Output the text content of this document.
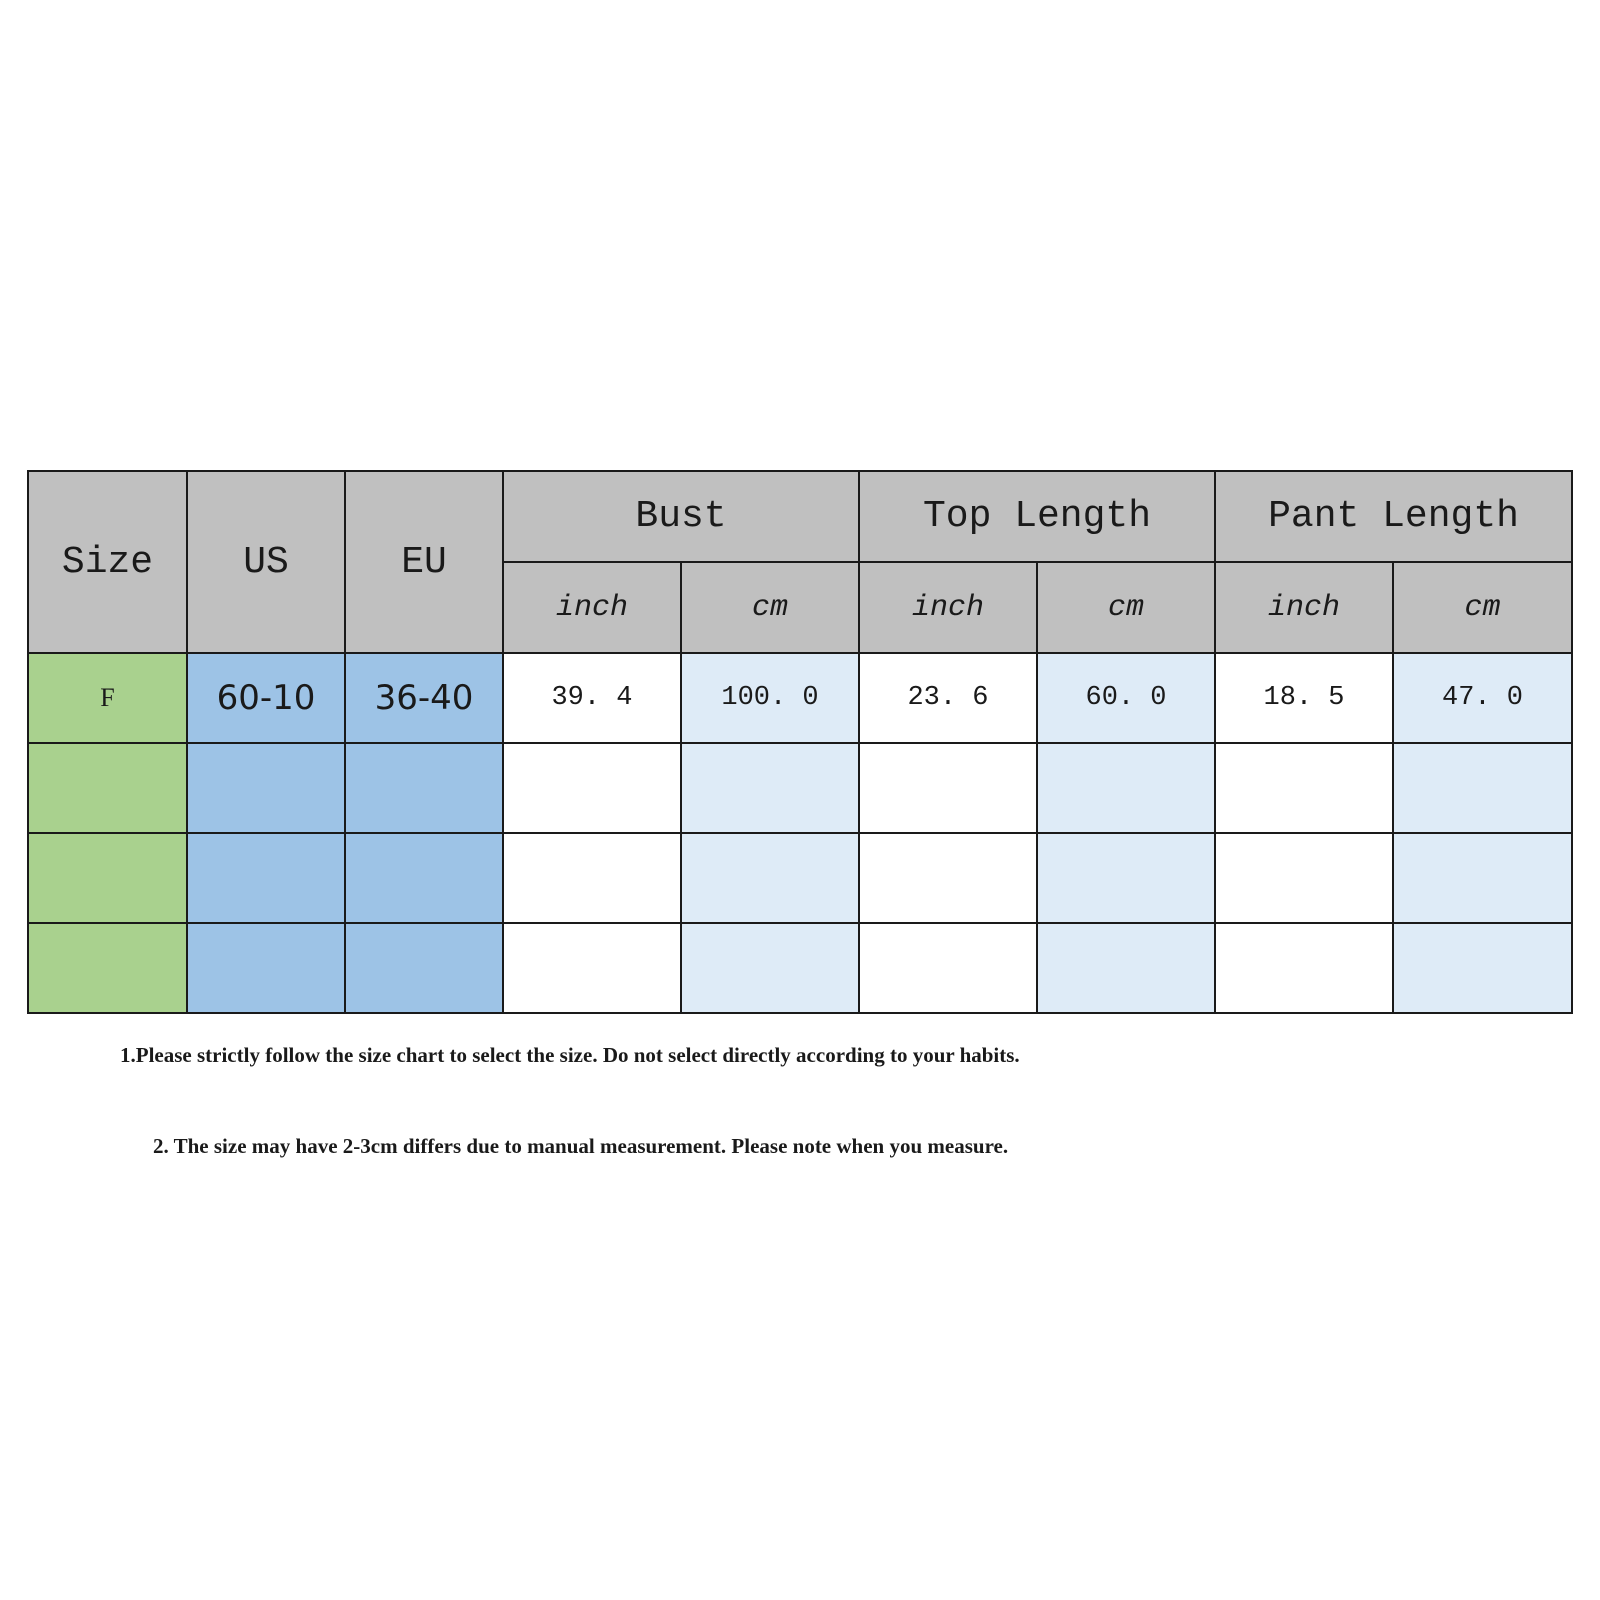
Size	US	EU	Bust		Top Length		Pant Length	
			inch	cm	inch	cm	inch	cm
F	60-10	36-40	39. 4	100. 0	23. 6	60. 0	18. 5	47. 0

1.Please strictly follow the size chart to select the size. Do not select directly according to your habits.

2. The size may have 2-3cm differs due to manual measurement. Please note when you measure.
